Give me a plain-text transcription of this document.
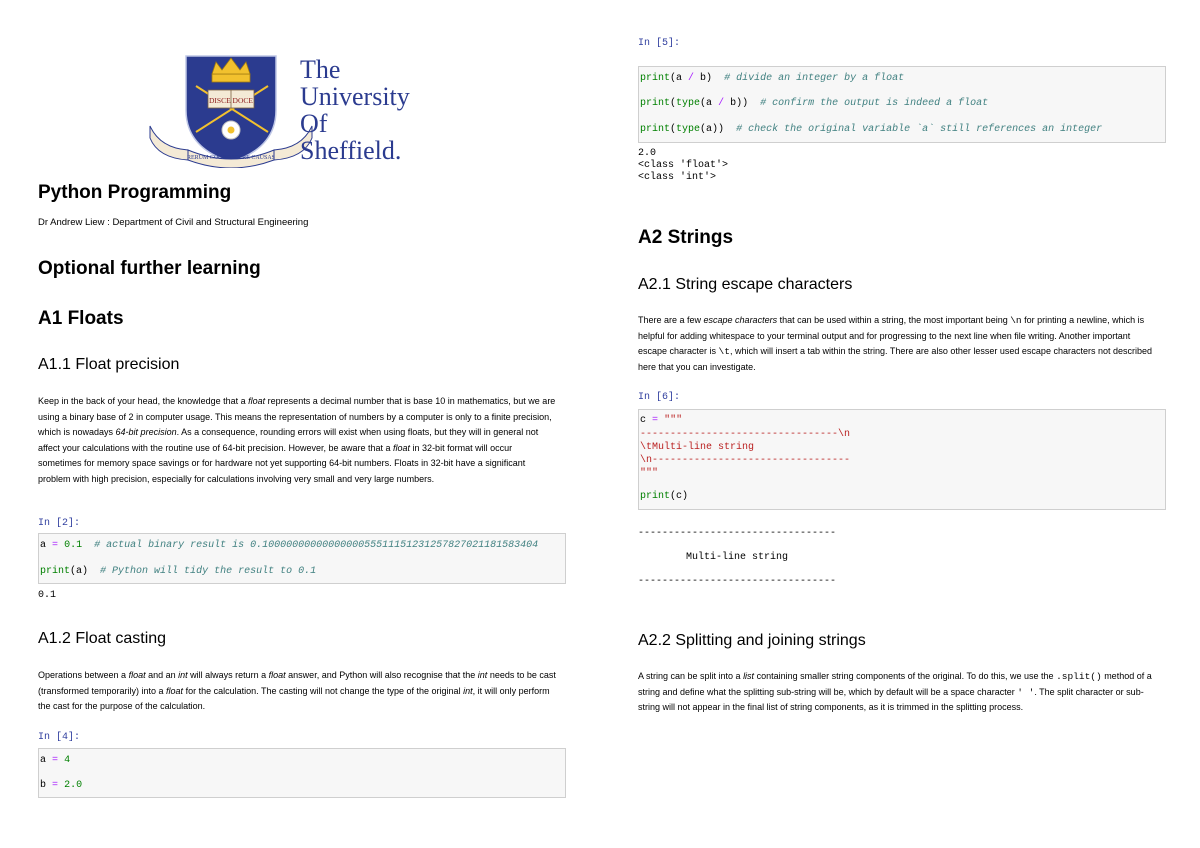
DISCE DOCE
RERUM COGNOSCERE CAUSAS
The
University
Of
Sheffield.
Python Programming
Dr Andrew Liew : Department of Civil and Structural Engineering
Optional further learning
A1 Floats
A1.1 Float precision

Keep in the back of your head, the knowledge that a float represents a decimal number that is base 10 in mathematics, but we are using a binary base of 2 in computer usage. This means the representation of numbers by a computer is only to a finite precision, which is nowadays 64-bit precision. As a consequence, rounding errors will exist when using floats, but they will in general not affect your calculations with the routine use of 64-bit precision. However, be aware that a float in 32-bit format will occur sometimes for memory space savings or for hardware not yet supporting 64-bit numbers. Floats in 32-bit have a significant problem with high precision, especially for calculations involving very small and very large numbers.

In [2]:
a = 0.1 # actual binary result is 0.1000000000000000055511151231257827021181583404
print(a) # Python will tidy the result to 0.1
0.1
A1.2 Float casting

Operations between a float and an int will always return a float answer, and Python will also recognise that the int needs to be cast (transformed temporarily) into a float for the calculation. The casting will not change the type of the original int, it will only perform the cast for the purpose of the calculation.

In [4]:
a = 4
b = 2.0
In [5]:
print(a / b) # divide an integer by a float
print(type(a / b)) # confirm the output is indeed a float
print(type(a)) # check the original variable `a` still references an integer
2.0
<class 'float'>
<class 'int'>
A2 Strings
A2.1 String escape characters

There are a few escape characters that can be used within a string, the most important being \n for printing a newline, which is helpful for adding whitespace to your terminal output and for progressing to the next line when file writing. Another important escape character is \t, which will insert a tab within the string. There are also other lesser used escape characters not described here that you can investigate.

In [6]:
c = """
---------------------------------\n
\tMulti-line string
\n---------------------------------
"""
print(c)
---------------------------------

Multi-line string

---------------------------------
A2.2 Splitting and joining strings

A string can be split into a list containing smaller string components of the original. To do this, we use the .split() method of a string and define what the splitting sub-string will be, which by default will be a space character ' '. The split character or sub-string will not appear in the final list of string components, as it is trimmed in the splitting process.
